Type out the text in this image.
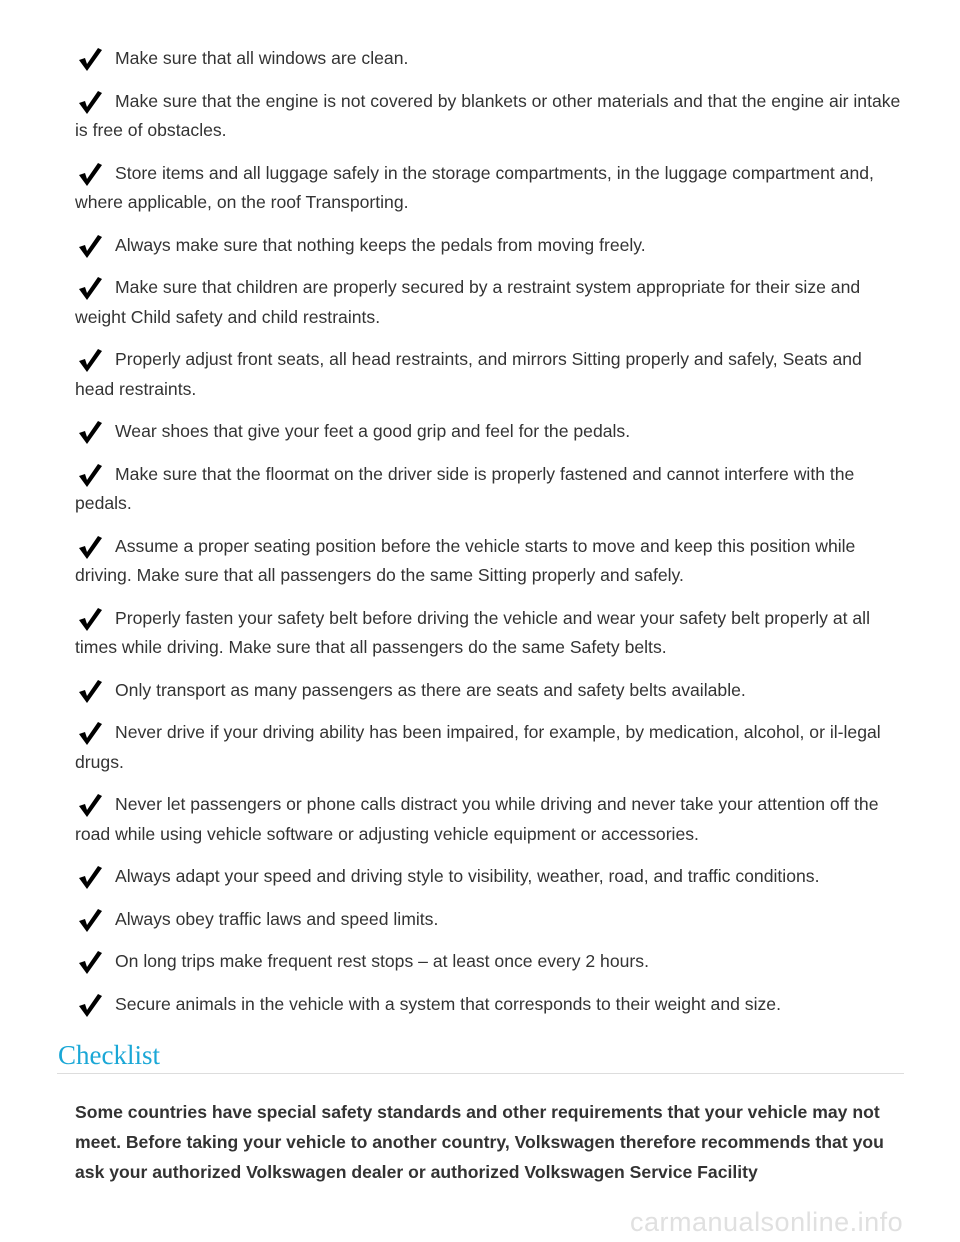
Make sure that all windows are clean.
Make sure that the engine is not covered by blankets or other materials and that the engine air intake is free of obstacles.
Store items and all luggage safely in the storage compartments, in the luggage compartment and, where applicable, on the roof Transporting.
Always make sure that nothing keeps the pedals from moving freely.
Make sure that children are properly secured by a restraint system appropriate for their size and weight Child safety and child restraints.
Properly adjust front seats, all head restraints, and mirrors Sitting properly and safely, Seats and head restraints.
Wear shoes that give your feet a good grip and feel for the pedals.
Make sure that the floormat on the driver side is properly fastened and cannot interfere with the pedals.
Assume a proper seating position before the vehicle starts to move and keep this position while driving. Make sure that all passengers do the same Sitting properly and safely.
Properly fasten your safety belt before driving the vehicle and wear your safety belt properly at all times while driving. Make sure that all passengers do the same Safety belts.
Only transport as many passengers as there are seats and safety belts available.
Never drive if your driving ability has been impaired, for example, by medication, alcohol, or il-legal drugs.
Never let passengers or phone calls distract you while driving and never take your attention off the road while using vehicle software or adjusting vehicle equipment or accessories.
Always adapt your speed and driving style to visibility, weather, road, and traffic conditions.
Always obey traffic laws and speed limits.
On long trips make frequent rest stops – at least once every 2 hours.
Secure animals in the vehicle with a system that corresponds to their weight and size.
Checklist

Some countries have special safety standards and other requirements that your vehicle may not meet. Before taking your vehicle to another country, Volkswagen therefore recommends that you ask your authorized Volkswagen dealer or authorized Volkswagen Service Facility

carmanualsonline.info
